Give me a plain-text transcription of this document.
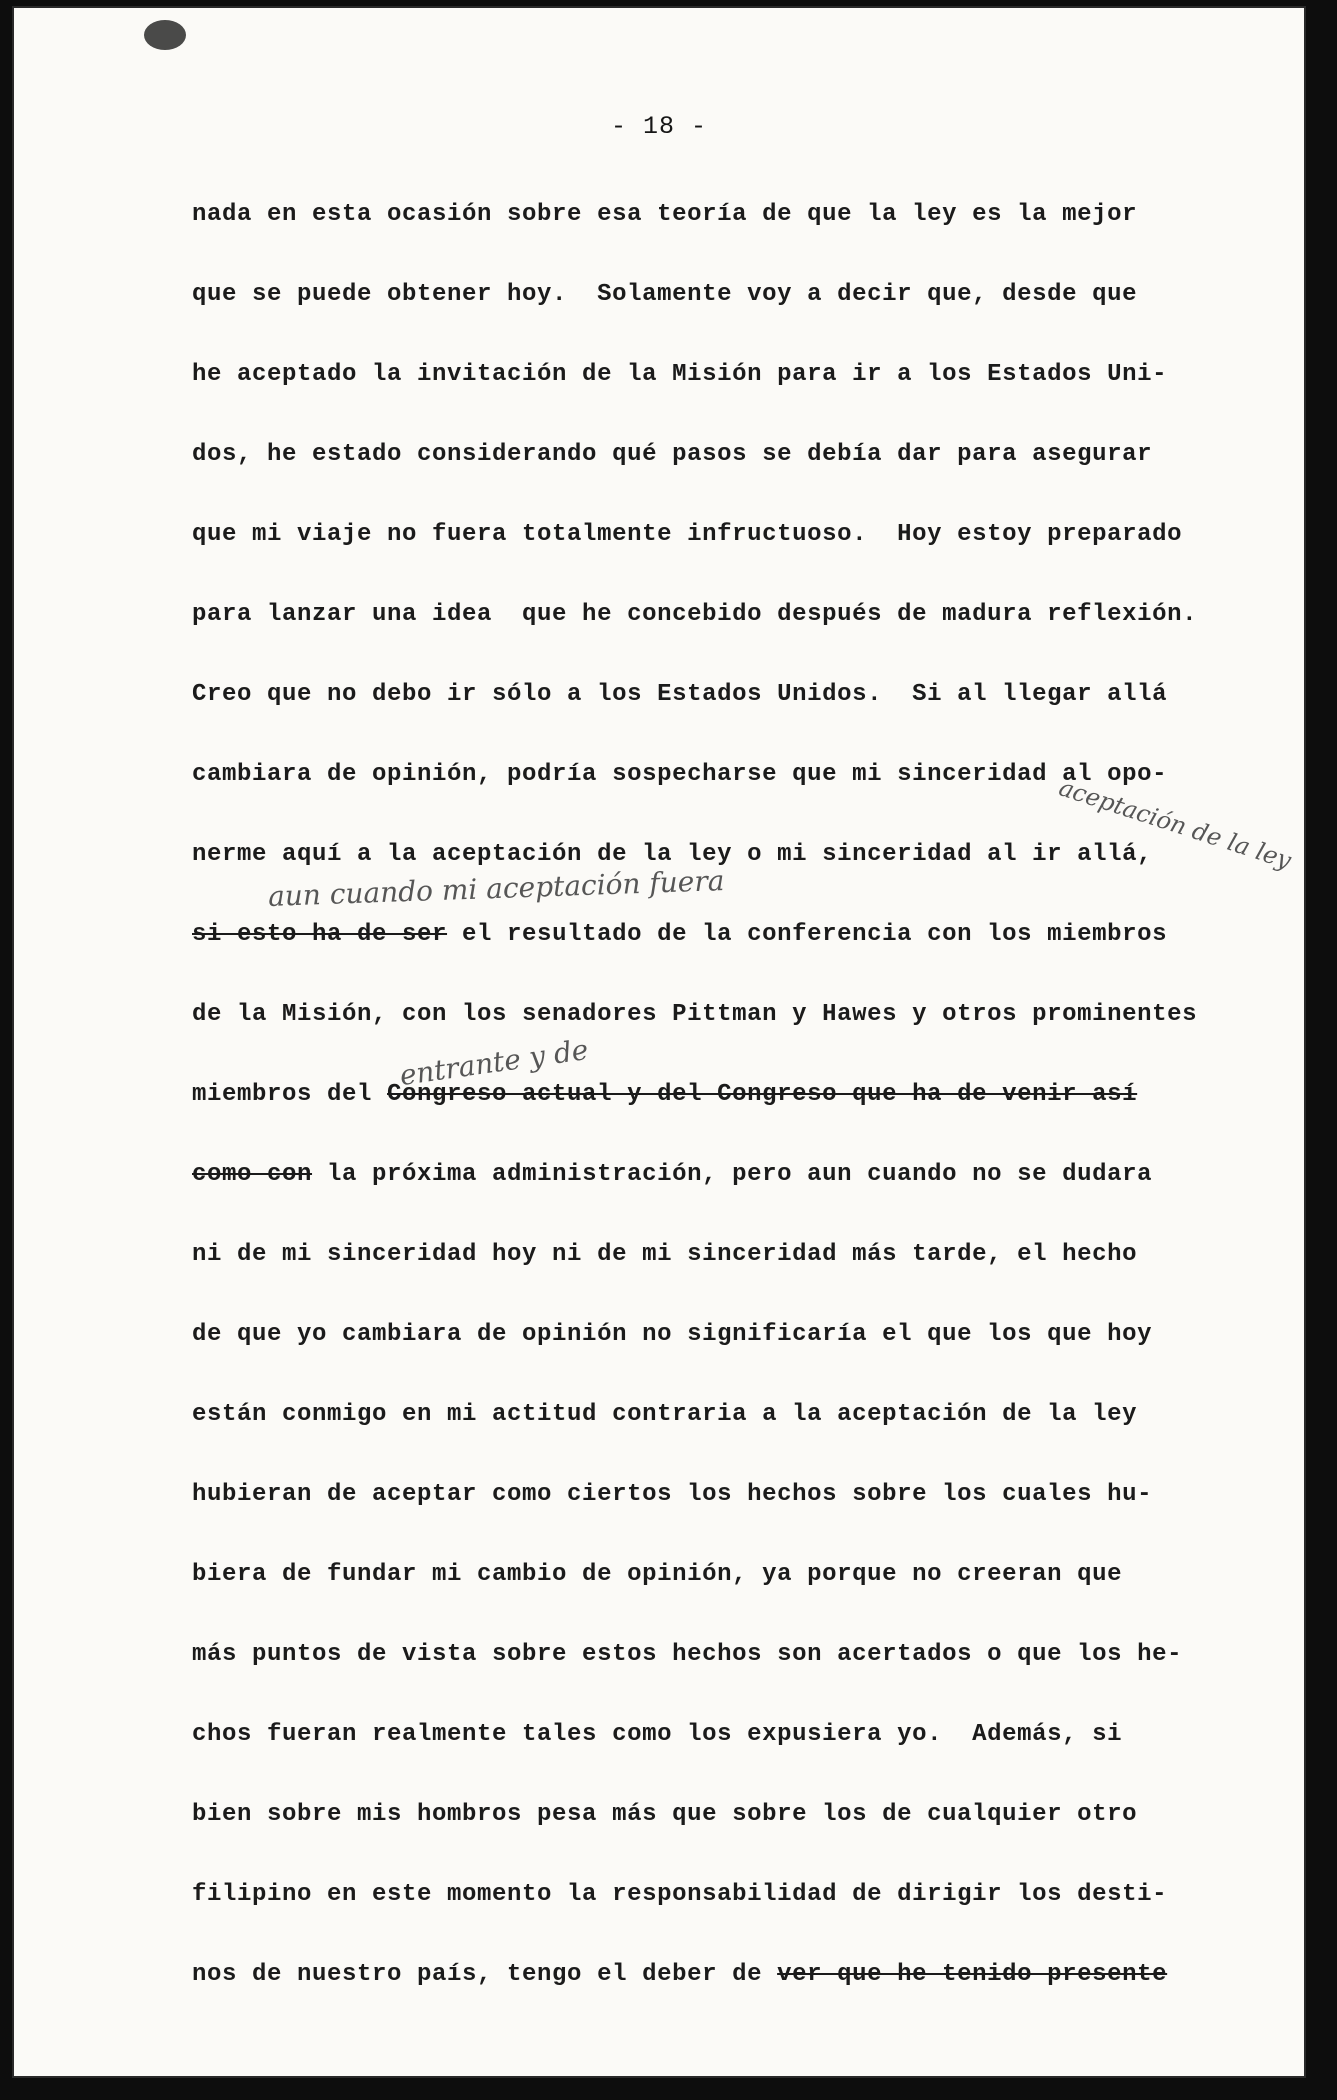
- 18 -
nada en esta ocasión sobre esa teoría de que la ley es la mejor
que se puede obtener hoy.  Solamente voy a decir que, desde que
he aceptado la invitación de la Misión para ir a los Estados Uni-
dos, he estado considerando qué pasos se debía dar para asegurar
que mi viaje no fuera totalmente infructuoso.  Hoy estoy preparado
para lanzar una idea  que he concebido después de madura reflexión.
Creo que no debo ir sólo a los Estados Unidos.  Si al llegar allá
cambiara de opinión, podría sospecharse que mi sinceridad al opo-
nerme aquí a la aceptación de la ley o mi sinceridad al ir allá,
si esto ha de ser el resultado de la conferencia con los miembros
de la Misión, con los senadores Pittman y Hawes y otros prominentes
miembros del Congreso actual y del Congreso que ha de venir así
como con la próxima administración, pero aun cuando no se dudara
ni de mi sinceridad hoy ni de mi sinceridad más tarde, el hecho
de que yo cambiara de opinión no significaría el que los que hoy
están conmigo en mi actitud contraria a la aceptación de la ley
hubieran de aceptar como ciertos los hechos sobre los cuales hu-
biera de fundar mi cambio de opinión, ya porque no creeran que
más puntos de vista sobre estos hechos son acertados o que los he-
chos fueran realmente tales como los expusiera yo.  Además, si
bien sobre mis hombros pesa más que sobre los de cualquier otro
filipino en este momento la responsabilidad de dirigir los desti-
nos de nuestro país, tengo el deber de ver que he tenido presente
aceptación de la ley
aun cuando mi aceptación fuera
entrante y de
